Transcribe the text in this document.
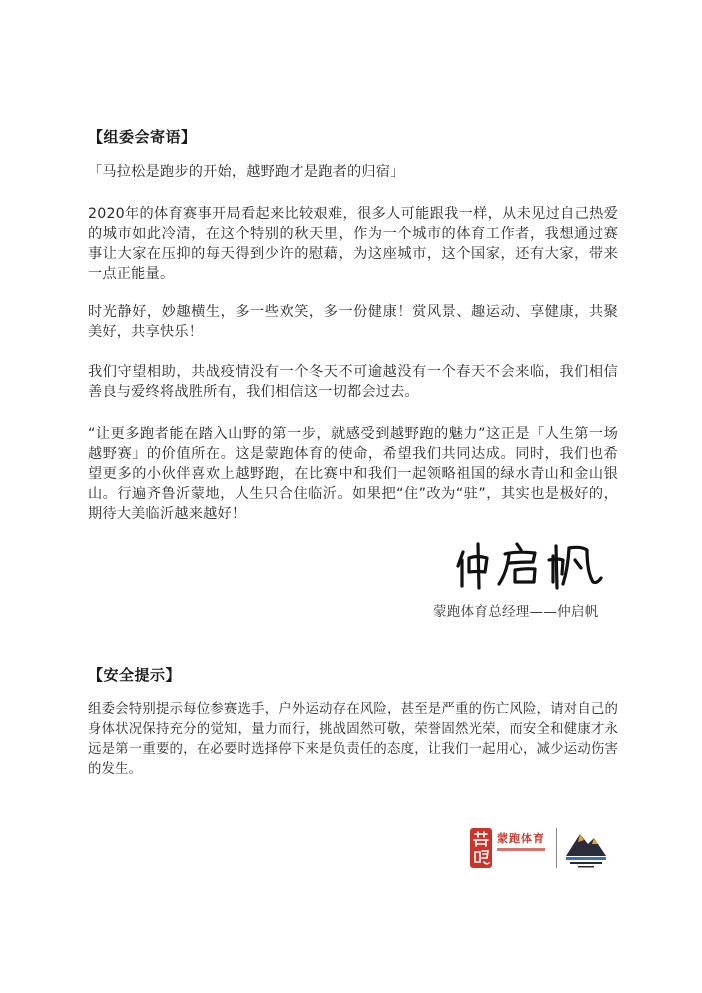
【组委会寄语】

「马拉松是跑步的开始，越野跑才是跑者的归宿」

2020年的体育赛事开局看起来比较艰难，很多人可能跟我一样，从未见过自己热爱的城市如此冷清，在这个特别的秋天里，作为一个城市的体育工作者，我想通过赛事让大家在压抑的每天得到少许的慰藉，为这座城市，这个国家，还有大家，带来一点正能量。

时光静好，妙趣横生，多一些欢笑，多一份健康！赏风景、趣运动、享健康，共聚美好，共享快乐！

我们守望相助，共战疫情没有一个冬天不可逾越没有一个春天不会来临，我们相信善良与爱终将战胜所有，我们相信这一切都会过去。

“让更多跑者能在踏入山野的第一步，就感受到越野跑的魅力”这正是「人生第一场越野赛」的价值所在。这是蒙跑体育的使命，希望我们共同达成。同时，我们也希望更多的小伙伴喜欢上越野跑，在比赛中和我们一起领略祖国的绿水青山和金山银山。行遍齐鲁沂蒙地，人生只合住临沂。如果把“住”改为“驻”，其实也是极好的，期待大美临沂越来越好！

蒙跑体育总经理——仲启帆
【安全提示】

组委会特别提示每位参赛选手，户外运动存在风险，甚至是严重的伤亡风险，请对自己的身体状况保持充分的觉知，量力而行，挑战固然可敬，荣誉固然光荣，而安全和健康才永远是第一重要的，在必要时选择停下来是负责任的态度，让我们一起用心，减少运动伤害的发生。

蒙跑体育
